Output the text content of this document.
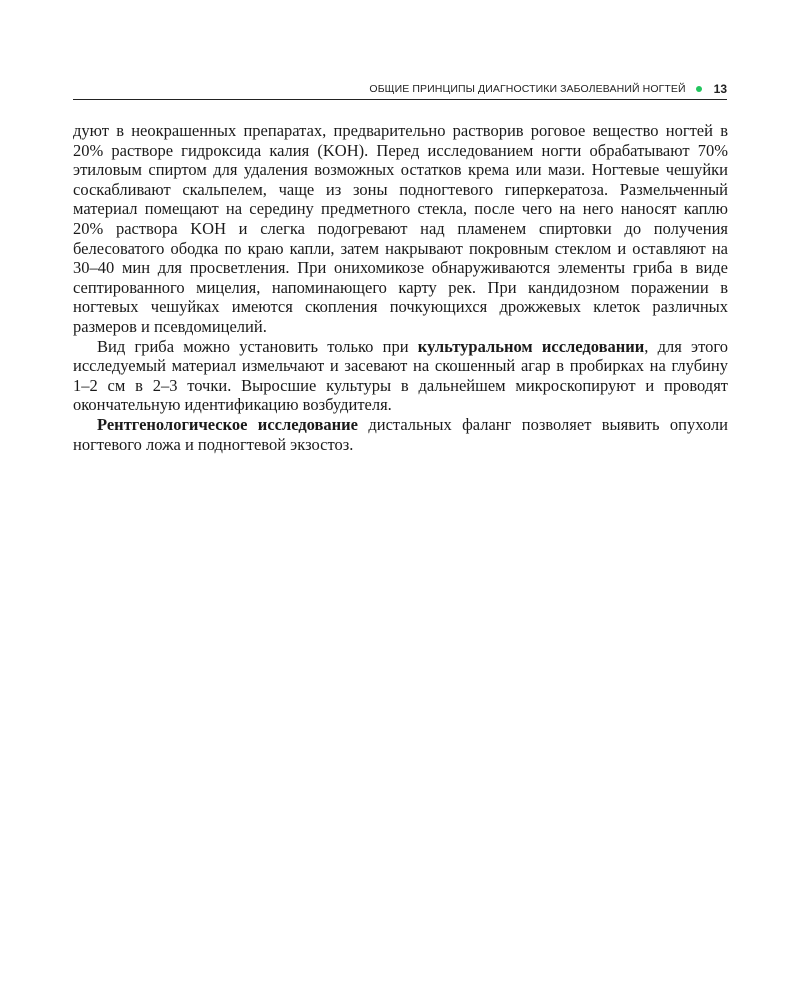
ОБЩИЕ ПРИНЦИПЫ ДИАГНОСТИКИ ЗАБОЛЕВАНИЙ НОГТЕЙ 13

дуют в неокрашенных препаратах, предварительно растворив роговое вещество ногтей в 20% растворе гидроксида калия (KOH). Перед исследованием ногти обрабатывают 70% этиловым спиртом для удаления возможных остатков крема или мази. Ногтевые чешуйки соскабливают скальпелем, чаще из зоны подногтевого гиперкератоза. Размельченный материал помещают на середину предметного стекла, после чего на него наносят каплю 20% раствора KOH и слегка подогревают над пламенем спиртовки до получения белесоватого ободка по краю капли, затем накрывают покровным стеклом и оставляют на 30–40 мин для просветления. При онихомикозе обнаруживаются элементы гриба в виде септированного мицелия, напоминающего карту рек. При кандидозном поражении в ногтевых чешуйках имеются скопления почкующихся дрожжевых клеток различных размеров и псевдомицелий.

Вид гриба можно установить только при культуральном исследовании, для этого исследуемый материал измельчают и засевают на скошенный агар в пробирках на глубину 1–2 см в 2–3 точки. Выросшие культуры в дальнейшем микроскопируют и проводят окончательную идентификацию возбудителя.

Рентгенологическое исследование дистальных фаланг позволяет выявить опухоли ногтевого ложа и подногтевой экзостоз.
